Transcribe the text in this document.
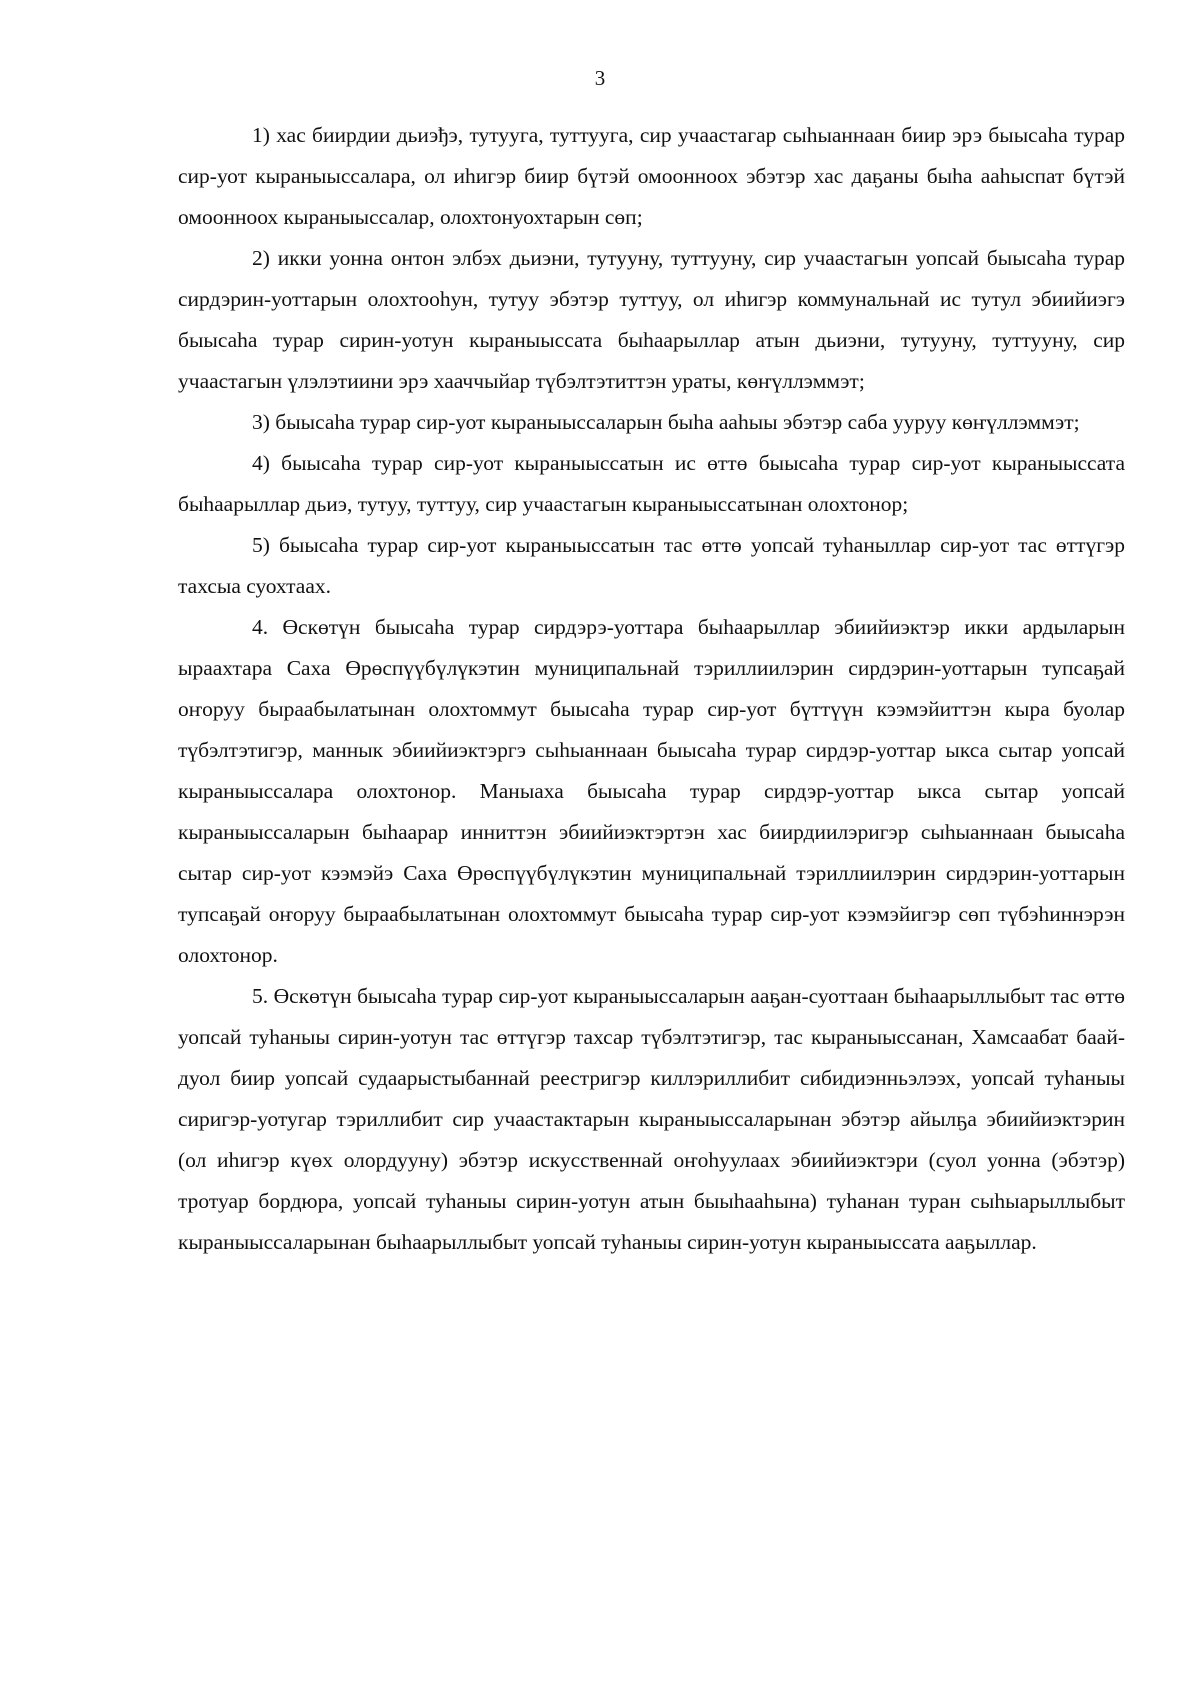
3

1) хас биирдии дьиэђэ, тутууга, туттууга, сир учаастагар сыһыаннаан биир эрэ быысаһа турар сир-уот кыраныыссалара, ол иһигэр биир бүтэй омоонноох эбэтэр хас даҕаны быһа ааһыспат бүтэй омоонноох кыраныыссалар, олохтонуохтарын сөп;

2) икки уонна онтон элбэх дьиэни, тутууну, туттууну, сир учаастагын уопсай быысаһа турар сирдэрин-уоттарын олохтооһун, тутуу эбэтэр туттуу, ол иһигэр коммунальнай ис тутул эбиийиэгэ быысаһа турар сирин-уотун кыраныыссата быһаарыллар атын дьиэни, тутууну, туттууну, сир учаастагын үлэлэтиини эрэ хааччыйар түбэлтэтиттэн ураты, көҥүллэммэт;

3) быысаһа турар сир-уот кыраныыссаларын быһа ааһыы эбэтэр саба ууруу көҥүллэммэт;

4) быысаһа турар сир-уот кыраныыссатын ис өттө быысаһа турар сир-уот кыраныыссата быһаарыллар дьиэ, тутуу, туттуу, сир учаастагын кыраныыссатынан олохтонор;

5) быысаһа турар сир-уот кыраныыссатын тас өттө уопсай туһаныллар сир-уот тас өттүгэр тахсыа суохтаах.

4. Өскөтүн быысаһа турар сирдэрэ-уоттара быһаарыллар эбиийиэктэр икки ардыларын ыраахтара Саха Өрөспүүбүлүкэтин муниципальнай тэриллиилэрин сирдэрин-уоттарын тупсаҕай оҥоруу быраабылатынан олохтоммут быысаһа турар сир-уот бүттүүн кээмэйиттэн кыра буолар түбэлтэтигэр, маннык эбиийиэктэргэ сыһыаннаан быысаһа турар сирдэр-уоттар ыкса сытар уопсай кыраныыссалара олохтонор. Маныаха быысаһа турар сирдэр-уоттар ыкса сытар уопсай кыраныыссаларын быһаарар инниттэн эбиийиэктэртэн хас биирдиилэригэр сыһыаннаан быысаһа сытар сир-уот кээмэйэ Саха Өрөспүүбүлүкэтин муниципальнай тэриллиилэрин сирдэрин-уоттарын тупсаҕай оҥоруу быраабылатынан олохтоммут быысаһа турар сир-уот кээмэйигэр сөп түбэһиннэрэн олохтонор.

5. Өскөтүн быысаһа турар сир-уот кыраныыссаларын ааҕан-суоттаан быһаарыллыбыт тас өттө уопсай туһаныы сирин-уотун тас өттүгэр тахсар түбэлтэтигэр, тас кыраныыссанан, Хамсаабат баай-дуол биир уопсай судаарыстыбаннай реестригэр киллэриллибит сибидиэнньэлээх, уопсай туһаныы сиригэр-уотугар тэриллибит сир учаастактарын кыраныыссаларынан эбэтэр айылҕа эбиийиэктэрин (ол иһигэр күөх олордууну) эбэтэр искусственнай оҥоһуулаах эбиийиэктэри (суол уонна (эбэтэр) тротуар бордюра, уопсай туһаныы сирин-уотун атын быыһааһына) туһанан туран сыһыарыллыбыт кыраныыссаларынан быһаарыллыбыт уопсай туһаныы сирин-уотун кыраныыссата ааҕыллар.
